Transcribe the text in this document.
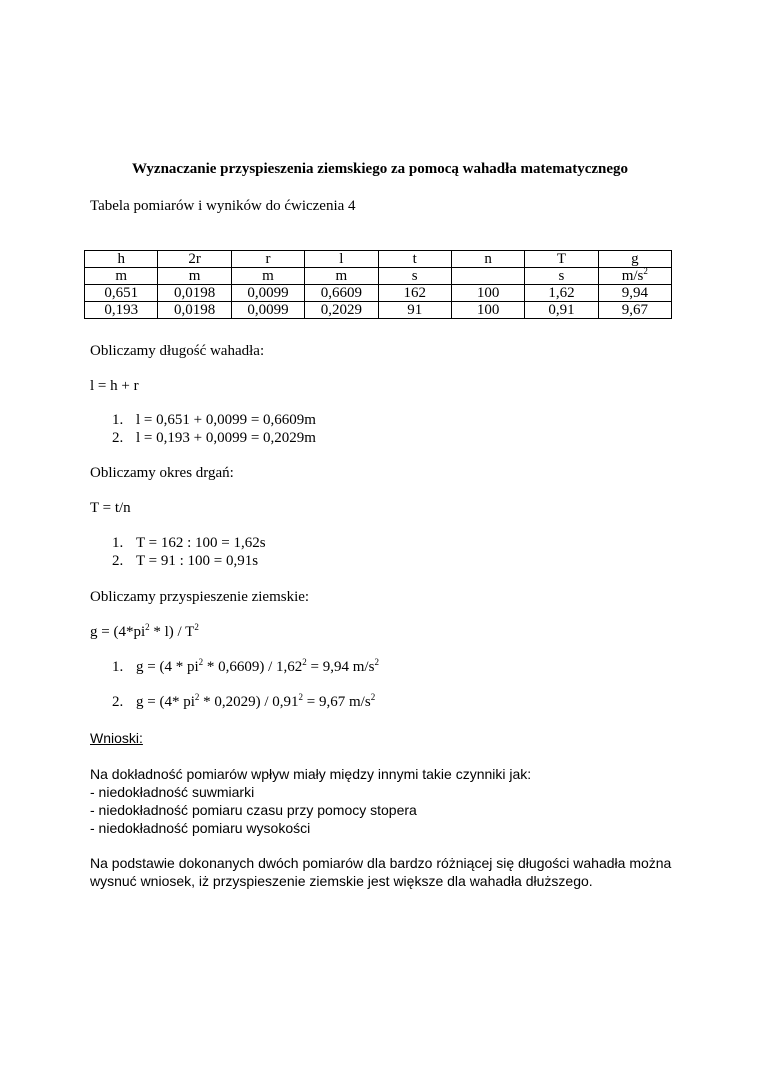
Wyznaczanie przyspieszenia ziemskiego za pomocą wahadła matematycznego
Tabela pomiarów i wyników do ćwiczenia 4
h	2r	r	l	t	n	T	g
m	m	m	m	s		s	$m/s^2$
0,651	0,0198	0,0099	0,6609	162	100	1,62	9,94
0,193	0,0198	0,0099	0,2029	91	100	0,91	9,67
Obliczamy długość wahadła:
l = h + r
1. l = 0,651 + 0,0099 = 0,6609m
2. l = 0,193 + 0,0099 = 0,2029m
Obliczamy okres drgań:
T = t/n
1. T = 162 : 100 = 1,62s
2. T = 91 : 100 = 0,91s
Obliczamy przyspieszenie ziemskie:
$g = (4*pi^2 * l) / T^2$
1. $g = (4 * pi^2 * 0,6609) / 1,62^2 = 9,94$ $m/s^2$
2. g = (4* $pi^2 * 0,2029) / 0,91^2 = 9,67$ $m/s^2$
Wnioski:
Na dokładność pomiarów wpływ miały między innymi takie czynniki jak:
- niedokładność suwmiarki
- niedokładność pomiaru czasu przy pomocy stopera
- niedokładność pomiaru wysokości
Na podstawie dokonanych dwóch pomiarów dla bardzo różniącej się długości wahadła można
wysnuć wniosek, iż przyspieszenie ziemskie jest większe dla wahadła dłuższego.
